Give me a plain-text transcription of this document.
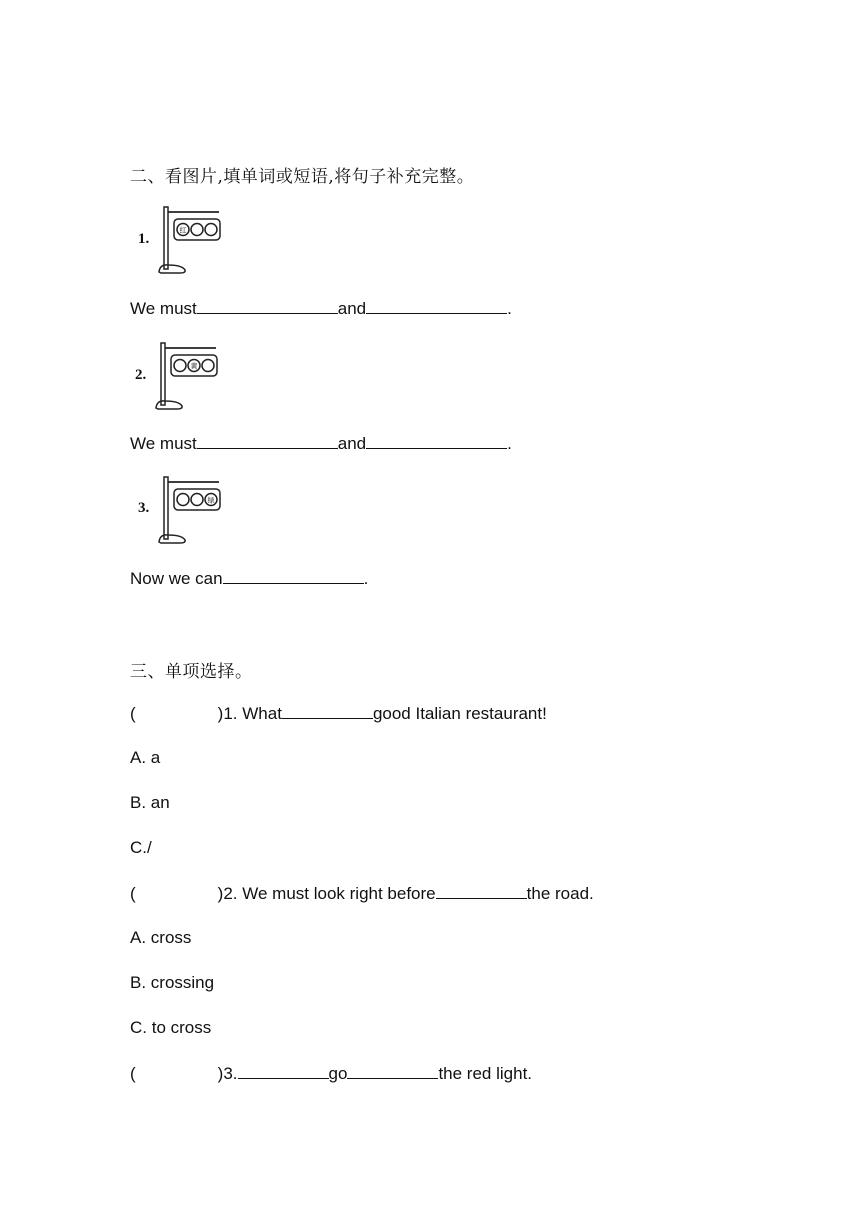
二、看图片,填单词或短语,将句子补充完整。
1.
红
We must	and	.
2.
黄
We must	and	.
3.	绿
Now we can	.
三、单项选择。
(	)1. What	good Italian restaurant!
A. a
B. an
C./
(	)2. We must look right before	the road.
A. cross
B. crossing
C. to cross
(	)3.	go	the red light.
